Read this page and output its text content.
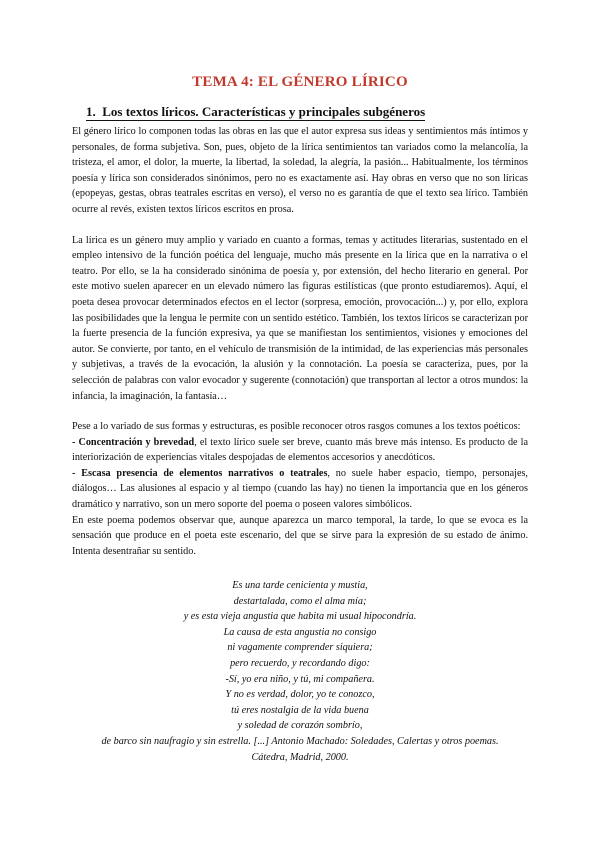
TEMA 4: EL GÉNERO LÍRICO
1. Los textos líricos. Características y principales subgéneros

El género lírico lo componen todas las obras en las que el autor expresa sus ideas y sentimientos más íntimos y personales, de forma subjetiva. Son, pues, objeto de la lírica sentimientos tan variados como la melancolía, la tristeza, el amor, el dolor, la muerte, la libertad, la soledad, la alegría, la pasión... Habitualmente, los términos poesía y lírica son considerados sinónimos, pero no es exactamente así. Hay obras en verso que no son líricas (epopeyas, gestas, obras teatrales escritas en verso), el verso no es garantía de que el texto sea lírico. También ocurre al revés, existen textos líricos escritos en prosa.

La lírica es un género muy amplio y variado en cuanto a formas, temas y actitudes literarias, sustentado en el empleo intensivo de la función poética del lenguaje, mucho más presente en la lírica que en la narrativa o el teatro. Por ello, se la ha considerado sinónima de poesía y, por extensión, del hecho literario en general. Por este motivo suelen aparecer en un elevado número las figuras estilísticas (que pronto estudiaremos). Aquí, el poeta desea provocar determinados efectos en el lector (sorpresa, emoción, provocación...) y, por ello, explora las posibilidades que la lengua le permite con un sentido estético. También, los textos líricos se caracterizan por la fuerte presencia de la función expresiva, ya que se manifiestan los sentimientos, visiones y emociones del autor. Se convierte, por tanto, en el vehículo de transmisión de la intimidad, de las experiencias más personales y subjetivas, a través de la evocación, la alusión y la connotación. La poesía se caracteriza, pues, por la selección de palabras con valor evocador y sugerente (connotación) que transportan al lector a otros mundos: la infancia, la imaginación, la fantasía…

Pese a lo variado de sus formas y estructuras, es posible reconocer otros rasgos comunes a los textos poéticos:

- Concentración y brevedad, el texto lírico suele ser breve, cuanto más breve más intenso. Es producto de la interiorización de experiencias vitales despojadas de elementos accesorios y anecdóticos.

- Escasa presencia de elementos narrativos o teatrales, no suele haber espacio, tiempo, personajes, diálogos… Las alusiones al espacio y al tiempo (cuando las hay) no tienen la importancia que en los géneros dramático y narrativo, son un mero soporte del poema o poseen valores simbólicos.

En este poema podemos observar que, aunque aparezca un marco temporal, la tarde, lo que se evoca es la sensación que produce en el poeta este escenario, del que se sirve para la expresión de su estado de ánimo. Intenta desentrañar su sentido.

Es una tarde cenicienta y mustia,
destartalada, como el alma mía;
y es esta vieja angustia que habita mi usual hipocondría.
La causa de esta angustia no consigo
ni vagamente comprender siquiera;
pero recuerdo, y recordando digo:
-Sí, yo era niño, y tú, mi compañera.
Y no es verdad, dolor, yo te conozco,
tú eres nostalgia de la vida buena
y soledad de corazón sombrío,
de barco sin naufragio y sin estrella. [...] Antonio Machado: Soledades, Calertas y otros poemas.
Cátedra, Madrid, 2000.
